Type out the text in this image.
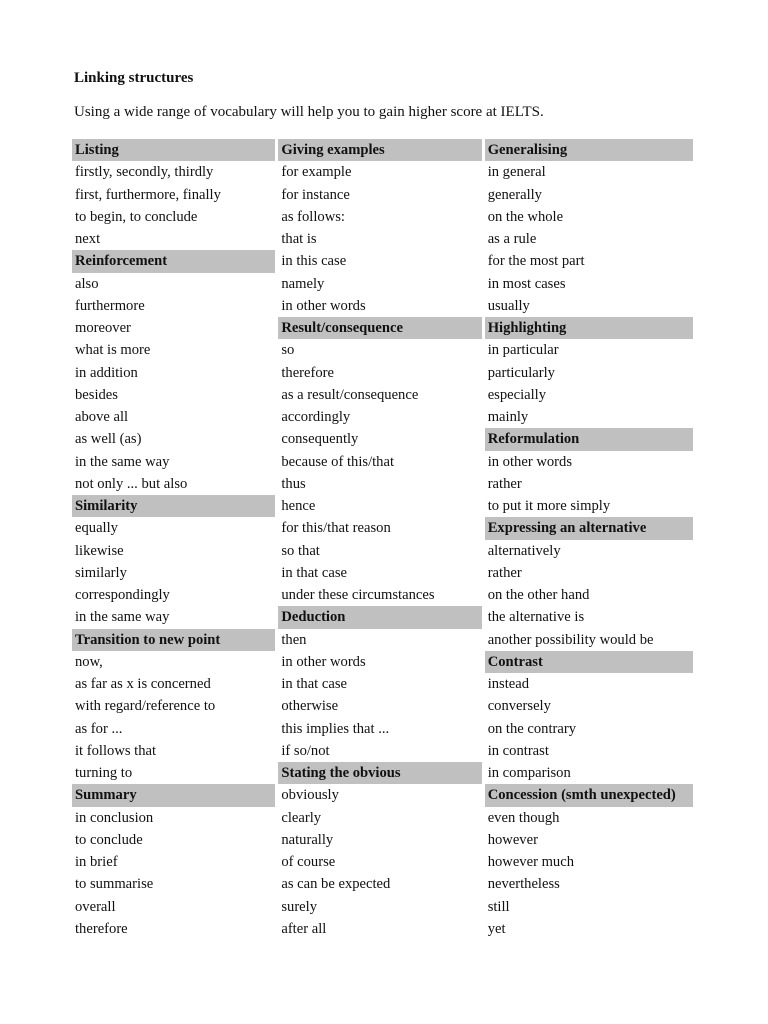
Linking structures

Using a wide range of vocabulary will help you to gain higher score at IELTS.

Listing
firstly, secondly, thirdly
first, furthermore, finally
to begin, to conclude
next
Reinforcement
also
furthermore
moreover
what is more
in addition
besides
above all
as well (as)
in the same way
not only ... but also
Similarity
equally
likewise
similarly
correspondingly
in the same way
Transition to new point
now,
as far as x is concerned
with regard/reference to
as for ...
it follows that
turning to
Summary
in conclusion
to conclude
in brief
to summarise
overall
therefore
Giving examples
for example
for instance
as follows:
that is
in this case
namely
in other words
Result/consequence
so
therefore
as a result/consequence
accordingly
consequently
because of this/that
thus
hence
for this/that reason
so that
in that case
under these circumstances
Deduction
then
in other words
in that case
otherwise
this implies that ...
if so/not
Stating the obvious
obviously
clearly
naturally
of course
as can be expected
surely
after all
Generalising
in general
generally
on the whole
as a rule
for the most part
in most cases
usually
Highlighting
in particular
particularly
especially
mainly
Reformulation
in other words
rather
to put it more simply
Expressing an alternative
alternatively
rather
on the other hand
the alternative is
another possibility would be
Contrast
instead
conversely
on the contrary
in contrast
in comparison
Concession (smth unexpected)
even though
however
however much
nevertheless
still
yet
